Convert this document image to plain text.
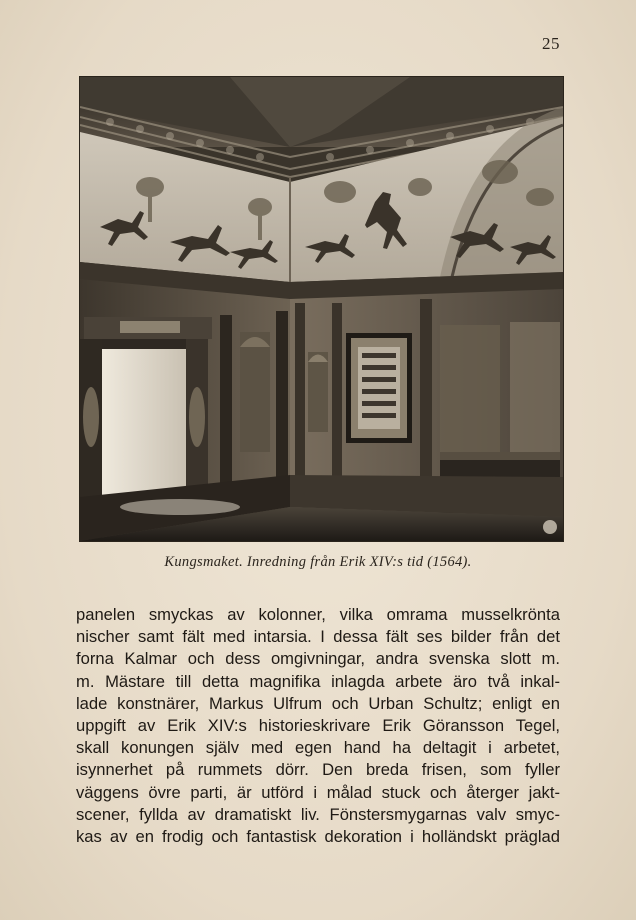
25
Kungsmaket. Inredning från Erik XIV:s tid (1564).
panelen smyckas av kolonner, vilka omrama musselkrönta
nischer samt fält med intarsia. I dessa fält ses bilder från det
forna Kalmar och dess omgivningar, andra svenska slott m.
m. Mästare till detta magnifika inlagda arbete äro två inkal-
lade konstnärer, Markus Ulfrum och Urban Schultz; enligt en
uppgift av Erik XIV:s historieskrivare Erik Göransson Tegel,
skall konungen själv med egen hand ha deltagit i arbetet,
isynnerhet på rummets dörr. Den breda frisen, som fyller
väggens övre parti, är utförd i målad stuck och återger jakt-
scener, fyllda av dramatiskt liv. Fönstersmygarnas valv smyc-
kas av en frodig och fantastisk dekoration i holländskt präglad
